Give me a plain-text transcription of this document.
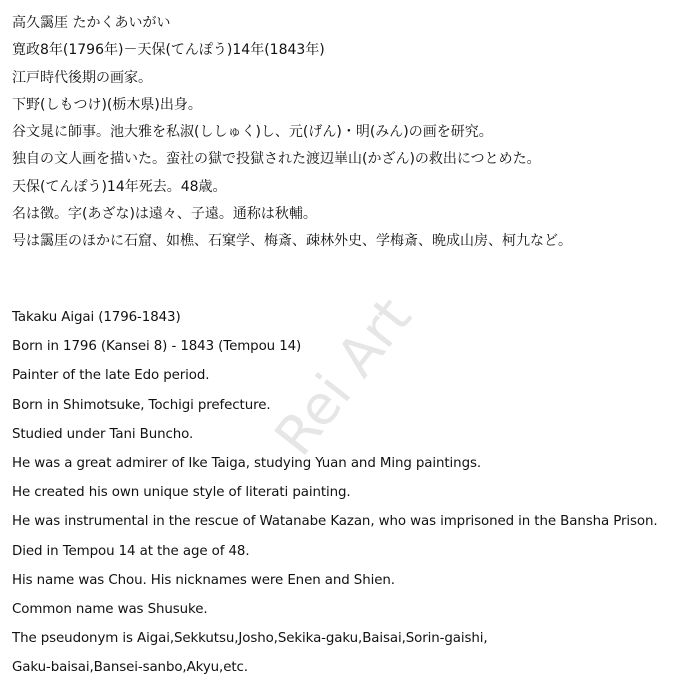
高久靄厓 たかくあいがい
寛政8年(1796年)－天保(てんぽう)14年(1843年)
江戸時代後期の画家。
下野(しもつけ)(栃木県)出身。
谷文晁に師事。池大雅を私淑(ししゅく)し、元(げん)・明(みん)の画を研究。
独自の文人画を描いた。蛮社の獄で投獄された渡辺崋山(かざん)の救出につとめた。
天保(てんぽう)14年死去。48歳。
名は徴。字(あざな)は遠々、子遠。通称は秋輔。
号は靄厓のほかに石窟、如樵、石窠学、梅斎、疎林外史、学梅斎、晩成山房、柯九など。
Takaku Aigai (1796-1843)
Born in 1796 (Kansei 8) - 1843 (Tempou 14)
Painter of the late Edo period.
Born in Shimotsuke, Tochigi prefecture.
Studied under Tani Buncho.
He was a great admirer of Ike Taiga, studying Yuan and Ming paintings.
He created his own unique style of literati painting.
He was instrumental in the rescue of Watanabe Kazan, who was imprisoned in the Bansha Prison.
Died in Tempou 14 at the age of 48.
His name was Chou. His nicknames were Enen and Shien.
Common name was Shusuke.
The pseudonym is Aigai,Sekkutsu,Josho,Sekika-gaku,Baisai,Sorin-gaishi,
Gaku-baisai,Bansei-sanbo,Akyu,etc.
Rei Art
